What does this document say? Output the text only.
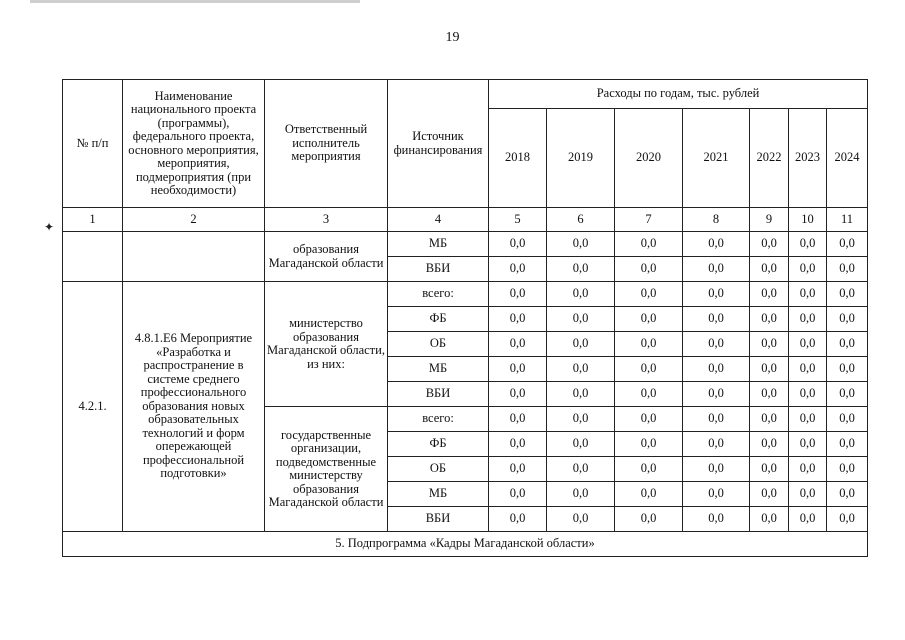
19
✦
№ п/п	Наименование национального проекта (программы), федерального проекта, основного мероприятия, мероприятия, подмероприятия (при необходимости)	Ответственный исполнитель мероприятия	Источник финансирования	Расходы по годам, тыс. рублей						
				2018	2019	2020	2021	2022	2023	2024
1	2	3	4	5	6	7	8	9	10	11
		образования Магаданской области	МБ	0,0	0,0	0,0	0,0	0,0	0,0	0,0
			ВБИ	0,0	0,0	0,0	0,0	0,0	0,0	0,0
4.2.1.	4.8.1.Е6 Мероприятие «Разработка и распространение в системе среднего профессионального образования новых образовательных технологий и форм опережающей профессиональной подготовки»	министерство образования Магаданской области, из них:	всего:	0,0	0,0	0,0	0,0	0,0	0,0	0,0
			ФБ	0,0	0,0	0,0	0,0	0,0	0,0	0,0
			ОБ	0,0	0,0	0,0	0,0	0,0	0,0	0,0
			МБ	0,0	0,0	0,0	0,0	0,0	0,0	0,0
			ВБИ	0,0	0,0	0,0	0,0	0,0	0,0	0,0
		государственные организации, подведомственные министерству образования Магаданской области	всего:	0,0	0,0	0,0	0,0	0,0	0,0	0,0
			ФБ	0,0	0,0	0,0	0,0	0,0	0,0	0,0
			ОБ	0,0	0,0	0,0	0,0	0,0	0,0	0,0
			МБ	0,0	0,0	0,0	0,0	0,0	0,0	0,0
			ВБИ	0,0	0,0	0,0	0,0	0,0	0,0	0,0
5. Подпрограмма «Кадры Магаданской области»										
